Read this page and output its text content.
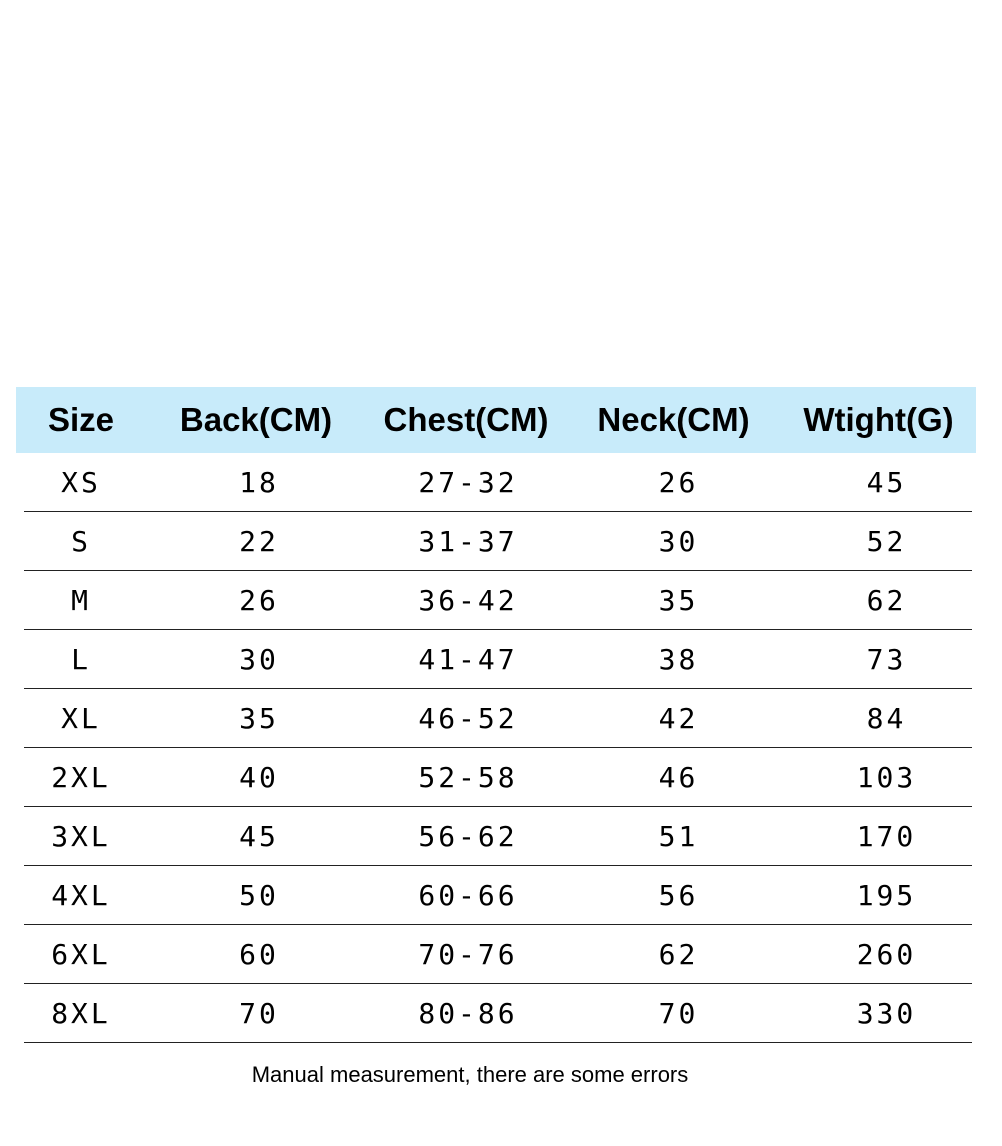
Size	Back(CM)	Chest(CM)	Neck(CM)	Wtight(G)
XS	18	27-32	26	45
S	22	31-37	30	52
M	26	36-42	35	62
L	30	41-47	38	73
XL	35	46-52	42	84
2XL	40	52-58	46	103
3XL	45	56-62	51	170
4XL	50	60-66	56	195
6XL	60	70-76	62	260
8XL	70	80-86	70	330
Manual measurement, there are some errors
